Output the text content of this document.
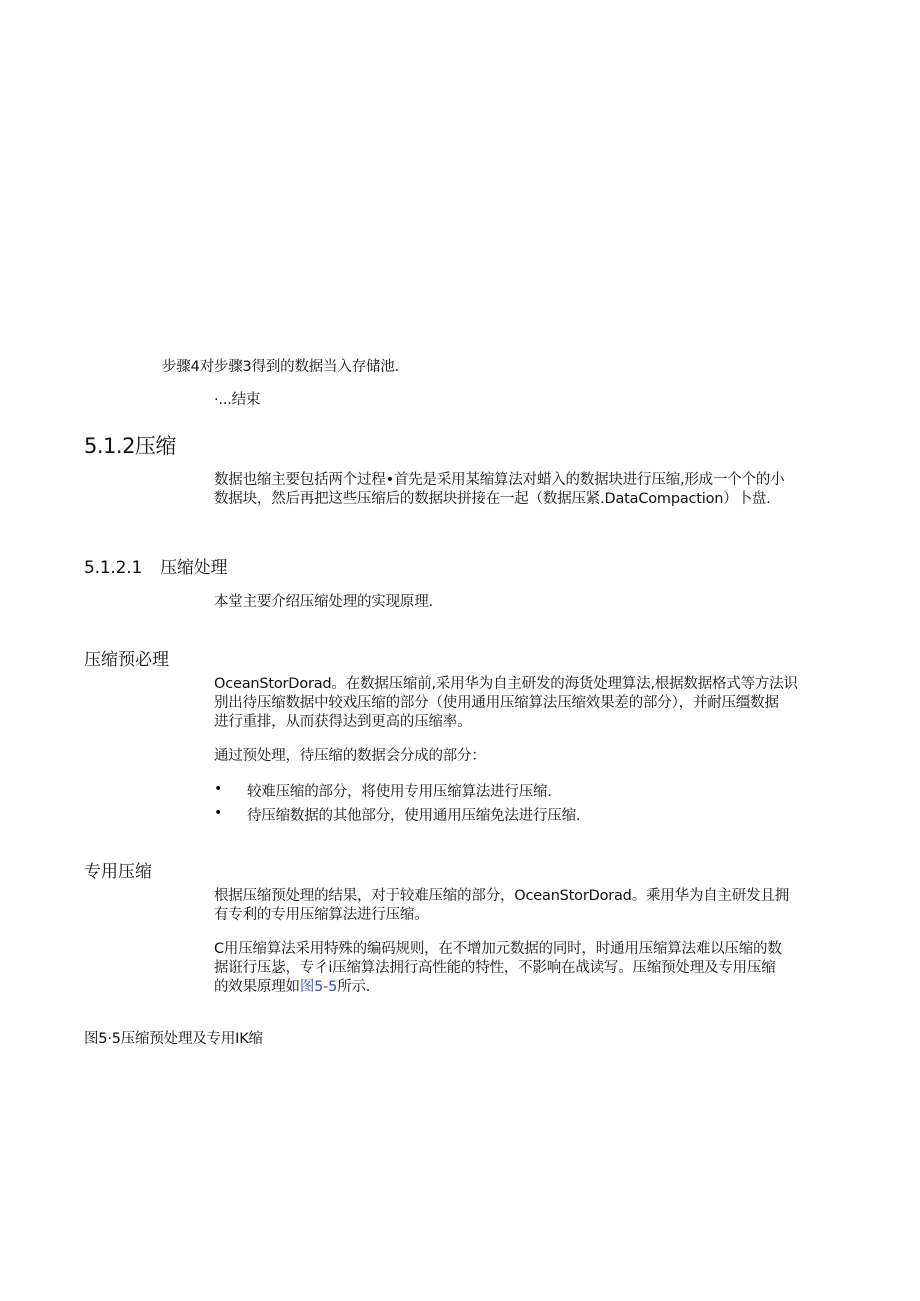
步骤4对步骤3得到的数据当入存储池.

·...结束

5.1.2压缩
数据也缩主要包括两个过程•首先是采用某缩算法对蜡入的数据块进行压缩,形成一个个的小
数据块，然后再把这些压缩后的数据块拼接在一起（数据压紧.DataCompaction）卜盘.
5.1.2.1 压缩处理

本堂主要介绍压缩处理的实现原理.

压缩预必理
OceanStorDorad。在数据压缩前,采用华为自主研发的海货处理算法,根据数据格式等方法识
别出待压缩数据中较戏压缩的部分（使用通用压缩算法压缩效果差的部分），并耐压缰数据
进行重排，从而获得达到更高的压缩率。

通过预处理，待压缩的数据会分成的部分：

• 较难压缩的部分，将使用专用压缩算法进行压缩.
• 待压缩数据的其他部分，使用通用压缩免法进行压缩.
专用压缩
根据压缩预处理的结果，对于较难压缩的部分，OceanStorDorad。乘用华为自主研发且拥
有专利的专用压缩算法进行压缩。
C用压缩算法采用特殊的编码规则，在不增加元数据的同时，时通用压缩算法难以压缩的数
据诳行压毖，专彳i压缩算法拥行高性能的特性，不影响在战读写。压缩预处理及专用压缩
的效果原理如图5-5所示.

图5·5压缩预处理及专用IK缩
